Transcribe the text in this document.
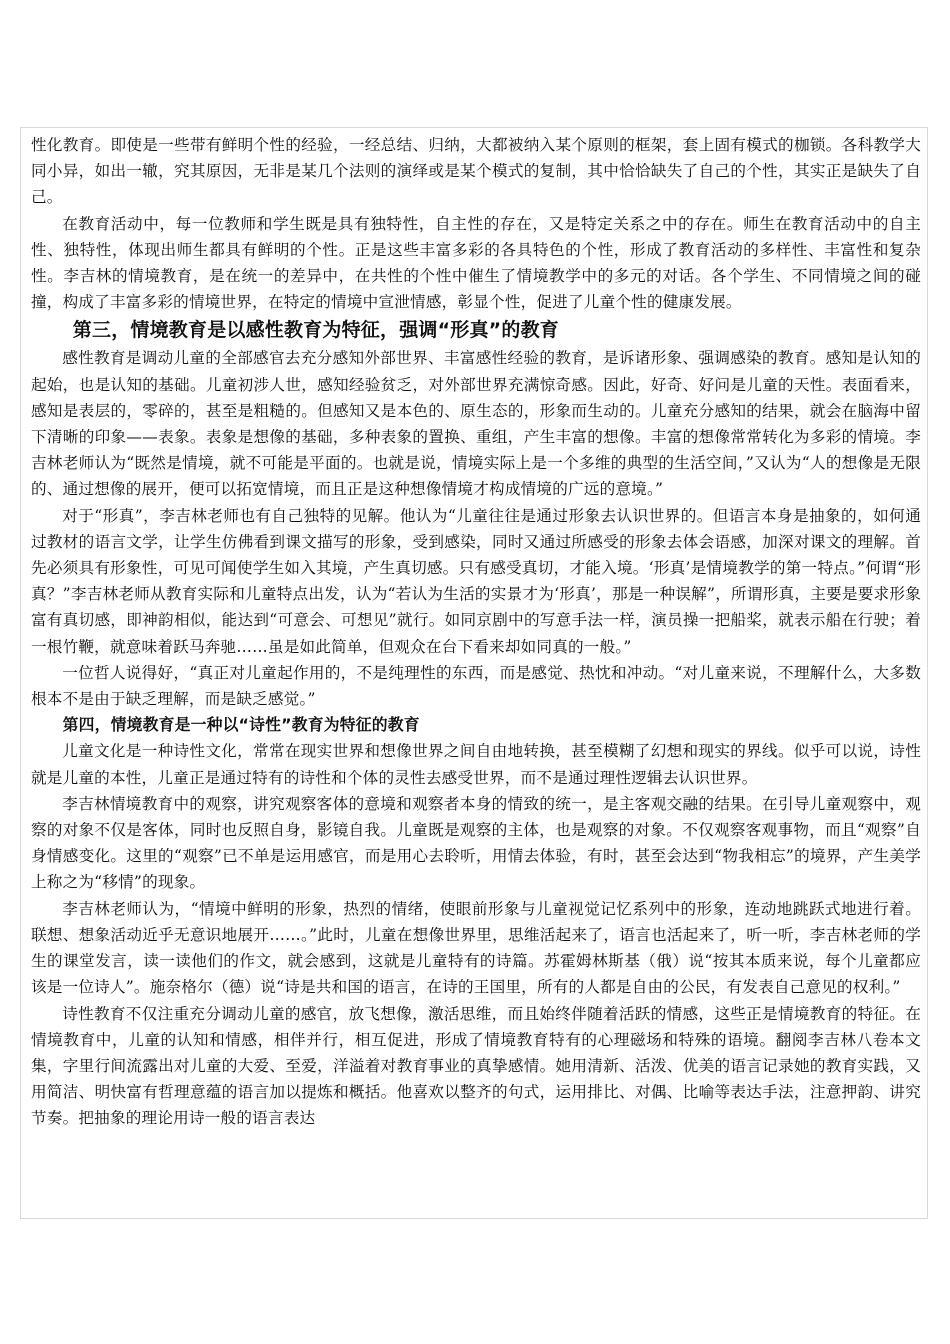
性化教育。即使是一些带有鲜明个性的经验，一经总结、归纳，大都被纳入某个原则的框架，套上固有模式的枷锁。各科教学大同小异，如出一辙，究其原因，无非是某几个法则的演绎或是某个模式的复制，其中恰恰缺失了自己的个性，其实正是缺失了自己。

在教育活动中，每一位教师和学生既是具有独特性，自主性的存在，又是特定关系之中的存在。师生在教育活动中的自主性、独特性，体现出师生都具有鲜明的个性。正是这些丰富多彩的各具特色的个性，形成了教育活动的多样性、丰富性和复杂性。李吉林的情境教育，是在统一的差异中，在共性的个性中催生了情境教学中的多元的对话。各个学生、不同情境之间的碰撞，构成了丰富多彩的情境世界，在特定的情境中宣泄情感，彰显个性，促进了儿童个性的健康发展。

第三，情境教育是以感性教育为特征，强调“形真”的教育

感性教育是调动儿童的全部感官去充分感知外部世界、丰富感性经验的教育，是诉诸形象、强调感染的教育。感知是认知的起始，也是认知的基础。儿童初涉人世，感知经验贫乏，对外部世界充满惊奇感。因此，好奇、好问是儿童的天性。表面看来，感知是表层的，零碎的，甚至是粗糙的。但感知又是本色的、原生态的，形象而生动的。儿童充分感知的结果，就会在脑海中留下清晰的印象——表象。表象是想像的基础，多种表象的置换、重组，产生丰富的想像。丰富的想像常常转化为多彩的情境。李吉林老师认为“既然是情境，就不可能是平面的。也就是说，情境实际上是一个多维的典型的生活空间，”又认为“人的想像是无限的、通过想像的展开，便可以拓宽情境，而且正是这种想像情境才构成情境的广远的意境。”

对于“形真”，李吉林老师也有自己独特的见解。他认为“儿童往往是通过形象去认识世界的。但语言本身是抽象的，如何通过教材的语言文学，让学生仿佛看到课文描写的形象，受到感染，同时又通过所感受的形象去体会语感，加深对课文的理解。首先必须具有形象性，可见可闻使学生如入其境，产生真切感。只有感受真切，才能入境。‘形真’是情境教学的第一特点。”何谓“形真？”李吉林老师从教育实际和儿童特点出发，认为“若认为生活的实景才为‘形真’，那是一种误解”，所谓形真，主要是要求形象富有真切感，即神韵相似，能达到“可意会、可想见”就行。如同京剧中的写意手法一样，演员操一把船桨，就表示船在行驶；着一根竹鞭，就意味着跃马奔驰……虽是如此简单，但观众在台下看来却如同真的一般。”

一位哲人说得好，“真正对儿童起作用的，不是纯理性的东西，而是感觉、热忱和冲动。“对儿童来说，不理解什么，大多数根本不是由于缺乏理解，而是缺乏感觉。”

第四，情境教育是一种以“诗性”教育为特征的教育

儿童文化是一种诗性文化，常常在现实世界和想像世界之间自由地转换，甚至模糊了幻想和现实的界线。似乎可以说，诗性就是儿童的本性，儿童正是通过特有的诗性和个体的灵性去感受世界，而不是通过理性逻辑去认识世界。

李吉林情境教育中的观察，讲究观察客体的意境和观察者本身的情致的统一，是主客观交融的结果。在引导儿童观察中，观察的对象不仅是客体，同时也反照自身，影镜自我。儿童既是观察的主体，也是观察的对象。不仅观察客观事物，而且“观察”自身情感变化。这里的“观察”已不单是运用感官，而是用心去聆听，用情去体验，有时，甚至会达到“物我相忘”的境界，产生美学上称之为“移情”的现象。

李吉林老师认为，“情境中鲜明的形象，热烈的情绪，使眼前形象与儿童视觉记忆系列中的形象，连动地跳跃式地进行着。联想、想象活动近乎无意识地展开……。”此时，儿童在想像世界里，思维活起来了，语言也活起来了，听一听，李吉林老师的学生的课堂发言，读一读他们的作文，就会感到，这就是儿童特有的诗篇。苏霍姆林斯基（俄）说“按其本质来说，每个儿童都应该是一位诗人”。施奈格尔（德）说“诗是共和国的语言，在诗的王国里，所有的人都是自由的公民，有发表自己意见的权利。”

诗性教育不仅注重充分调动儿童的感官，放飞想像，激活思维，而且始终伴随着活跃的情感，这些正是情境教育的特征。在情境教育中，儿童的认知和情感，相伴并行，相互促进，形成了情境教育特有的心理磁场和特殊的语境。翻阅李吉林八卷本文集，字里行间流露出对儿童的大爱、至爱，洋溢着对教育事业的真挚感情。她用清新、活泼、优美的语言记录她的教育实践，又用简洁、明快富有哲理意蕴的语言加以提炼和概括。他喜欢以整齐的句式，运用排比、对偶、比喻等表达手法，注意押韵、讲究节奏。把抽象的理论用诗一般的语言表达
